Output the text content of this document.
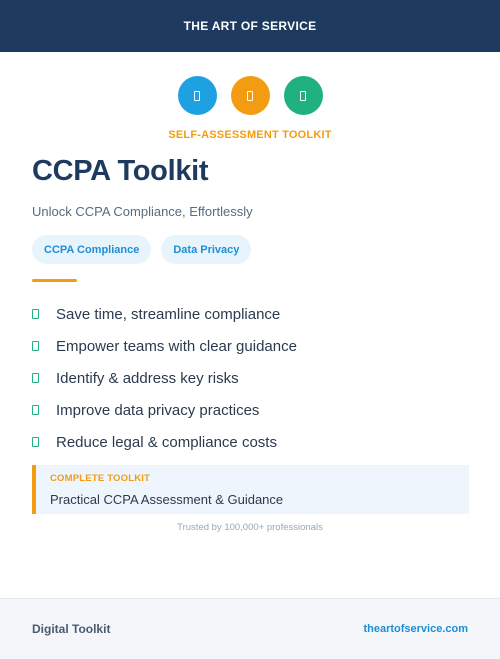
THE ART OF SERVICE
SELF-ASSESSMENT TOOLKIT
CCPA Toolkit
Unlock CCPA Compliance, Effortlessly
CCPA Compliance	Data Privacy
Save time, streamline compliance
Empower teams with clear guidance
Identify & address key risks
Improve data privacy practices
Reduce legal & compliance costs
COMPLETE TOOLKIT
Practical CCPA Assessment & Guidance
Trusted by 100,000+ professionals
Digital Toolkit	theartofservice.com
